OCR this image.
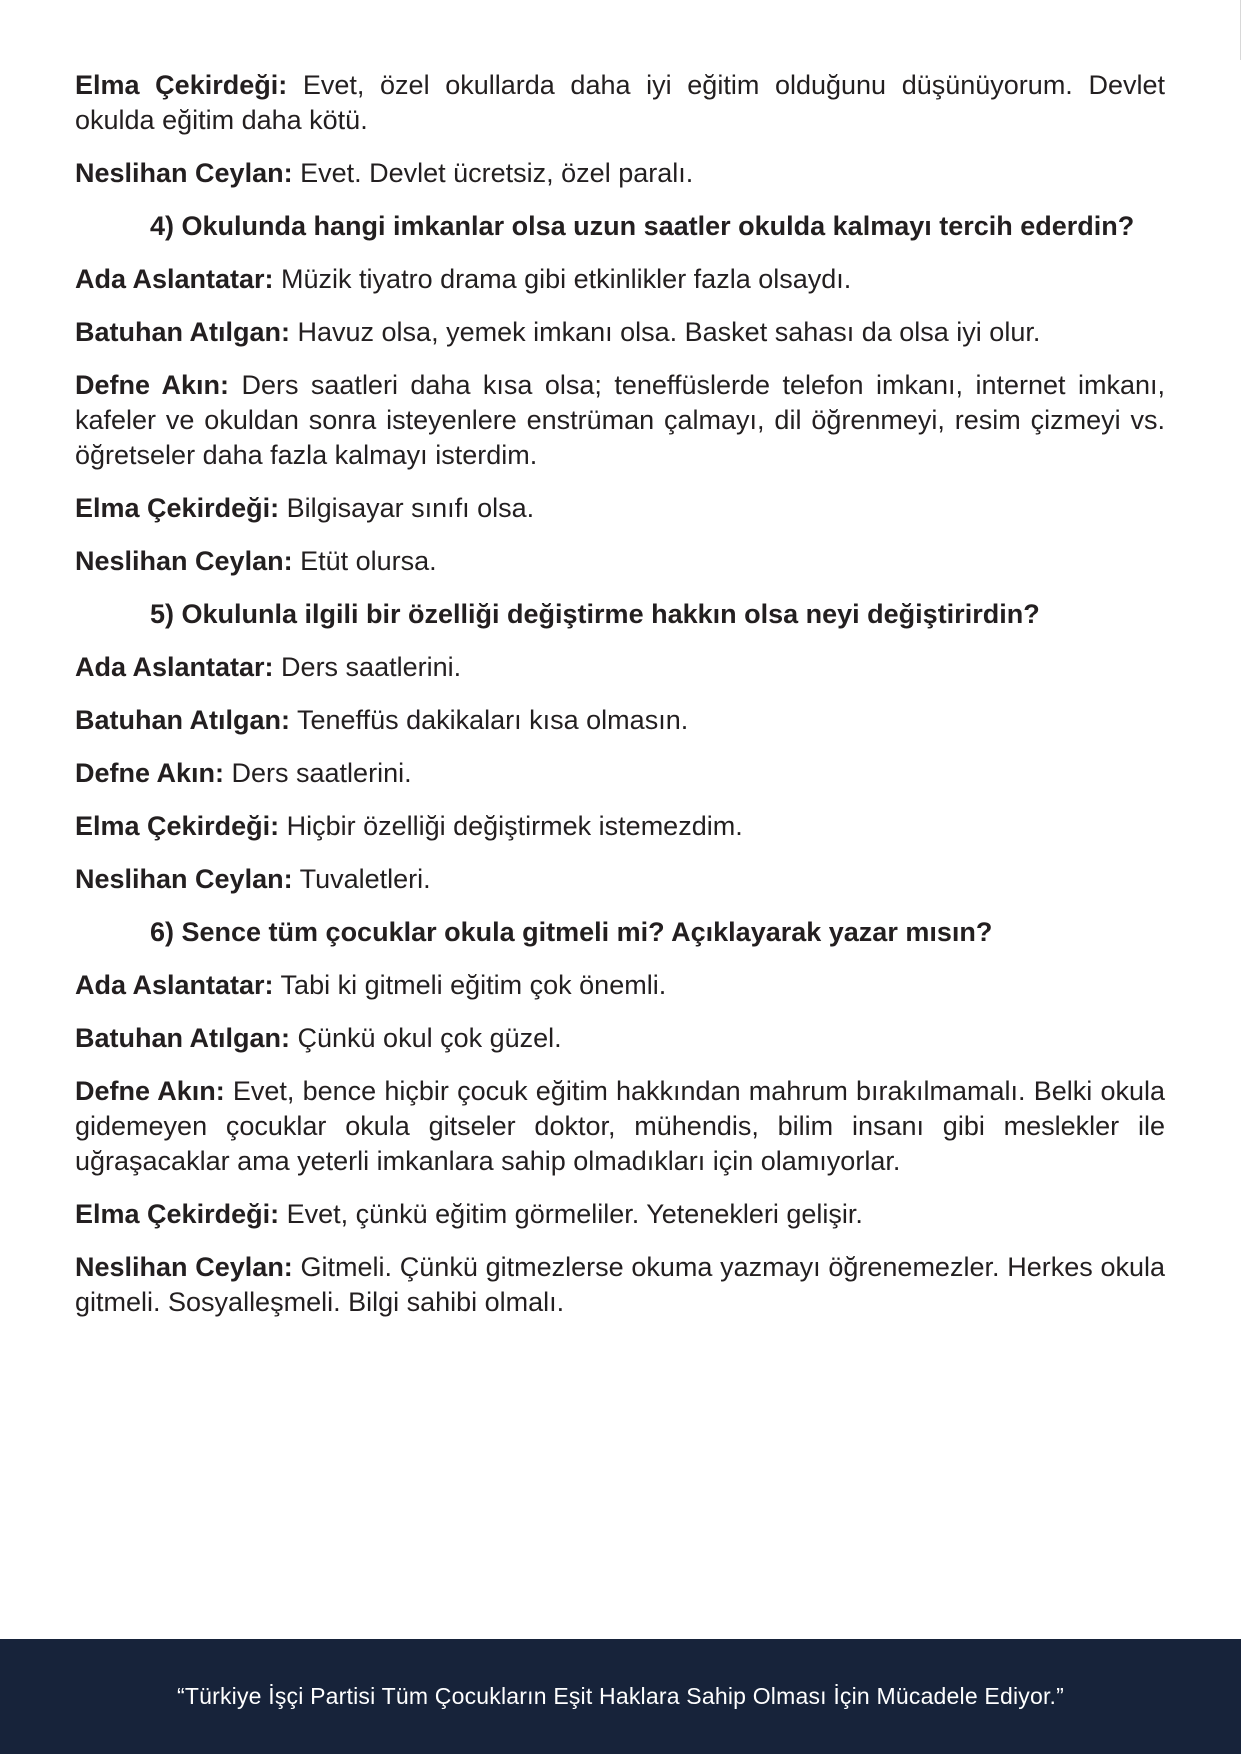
Elma Çekirdeği: Evet, özel okullarda daha iyi eğitim olduğunu düşünüyorum. Devlet okulda eğitim daha kötü.

Neslihan Ceylan: Evet. Devlet ücretsiz, özel paralı.

4) Okulunda hangi imkanlar olsa uzun saatler okulda kalmayı tercih ederdin?

Ada Aslantatar: Müzik tiyatro drama gibi etkinlikler fazla olsaydı.

Batuhan Atılgan: Havuz olsa, yemek imkanı olsa. Basket sahası da olsa iyi olur.

Defne Akın: Ders saatleri daha kısa olsa; teneffüslerde telefon imkanı, internet imkanı, kafeler ve okuldan sonra isteyenlere enstrüman çalmayı, dil öğrenmeyi, resim çizmeyi vs. öğretseler daha fazla kalmayı isterdim.

Elma Çekirdeği: Bilgisayar sınıfı olsa.

Neslihan Ceylan: Etüt olursa.

5) Okulunla ilgili bir özelliği değiştirme hakkın olsa neyi değiştirirdin?

Ada Aslantatar: Ders saatlerini.

Batuhan Atılgan: Teneffüs dakikaları kısa olmasın.

Defne Akın: Ders saatlerini.

Elma Çekirdeği: Hiçbir özelliği değiştirmek istemezdim.

Neslihan Ceylan: Tuvaletleri.

6) Sence tüm çocuklar okula gitmeli mi? Açıklayarak yazar mısın?

Ada Aslantatar: Tabi ki gitmeli eğitim çok önemli.

Batuhan Atılgan: Çünkü okul çok güzel.

Defne Akın: Evet, bence hiçbir çocuk eğitim hakkından mahrum bırakılmamalı. Belki okula gidemeyen çocuklar okula gitseler doktor, mühendis, bilim insanı gibi meslekler ile uğraşacaklar ama yeterli imkanlara sahip olmadıkları için olamıyorlar.

Elma Çekirdeği: Evet, çünkü eğitim görmeliler. Yetenekleri gelişir.

Neslihan Ceylan: Gitmeli. Çünkü gitmezlerse okuma yazmayı öğrenemezler. Herkes okula gitmeli. Sosyalleşmeli. Bilgi sahibi olmalı.

“Türkiye İşçi Partisi Tüm Çocukların Eşit Haklara Sahip Olması İçin Mücadele Ediyor.”
